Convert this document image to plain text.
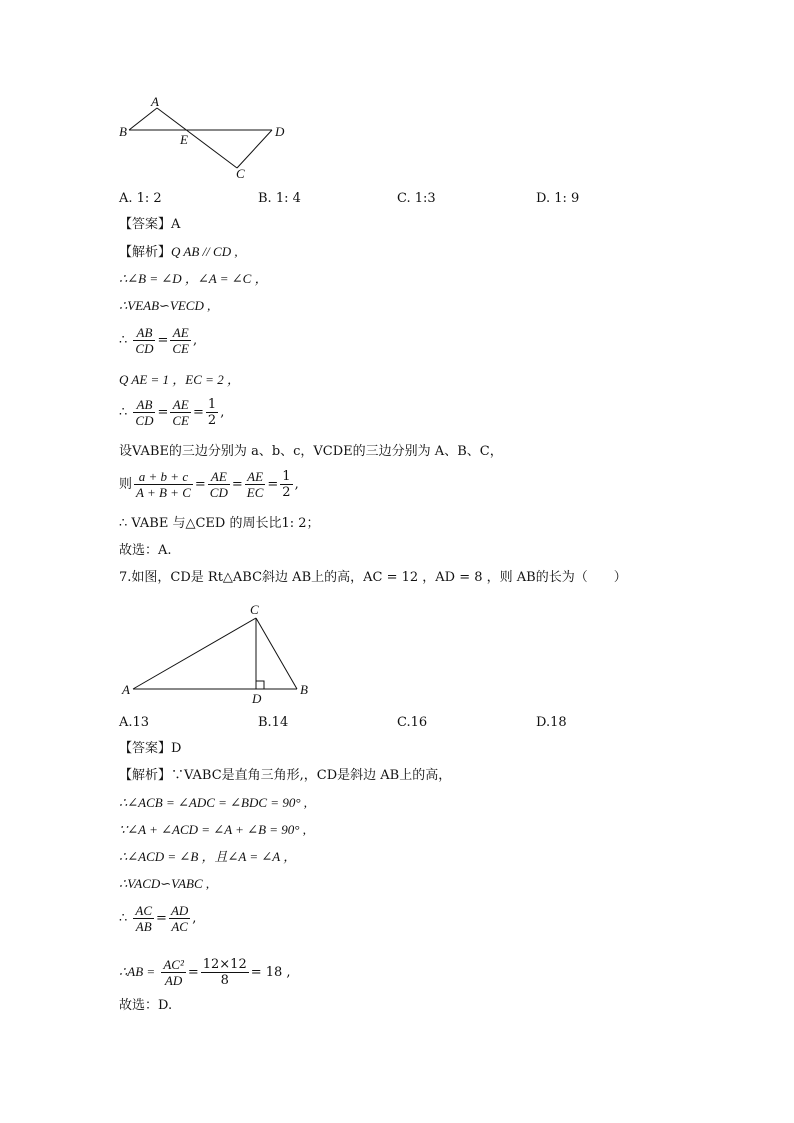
A
B
E
D
C
A. 1: 2	B. 1: 4	C. 1:3	D. 1: 9
【答案】A
【解析】Q AB // CD ,
∴∠B = ∠D ，∠A = ∠C ，
∴VEAB∽VECD ,
∴ $\frac{AB}{CD} = \frac{AE}{CE}$ ,
Q AE = 1 ，EC = 2 ，
∴ $\frac{AB}{CD} = \frac{AE}{CE} = \frac{1}{2}$ ,
设VABE的三边分别为 a、b、c，VCDE的三边分别为 A、B、C，
则 $\frac{a + b + c}{A + B + C} = \frac{AE}{CD} = \frac{AE}{EC} = \frac{1}{2}$ ,
∴ VABE 与△CED 的周长比1: 2；
故选：A.
7.如图，CD是 Rt△ABC斜边 AB上的高，AC = 12 ，AD = 8 ，则 AB的长为（　　）
C
A	B
D
A.13	B.14	C.16	D.18
【答案】D
【解析】∵VABC是直角三角形,，CD是斜边 AB上的高，
∴∠ACB = ∠ADC = ∠BDC = 90° ,
∵∠A + ∠ACD = ∠A + ∠B = 90° ,
∴∠ACD = ∠B ，且∠A = ∠A ，
∴VACD∽VABC ,
∴ $\frac{AC}{AB} = \frac{AD}{AC}$ ,
∴AB = $\frac{\text{AC²}}{AD} = \frac{12\times 12}{8} = 18$ ,
故选：D.
